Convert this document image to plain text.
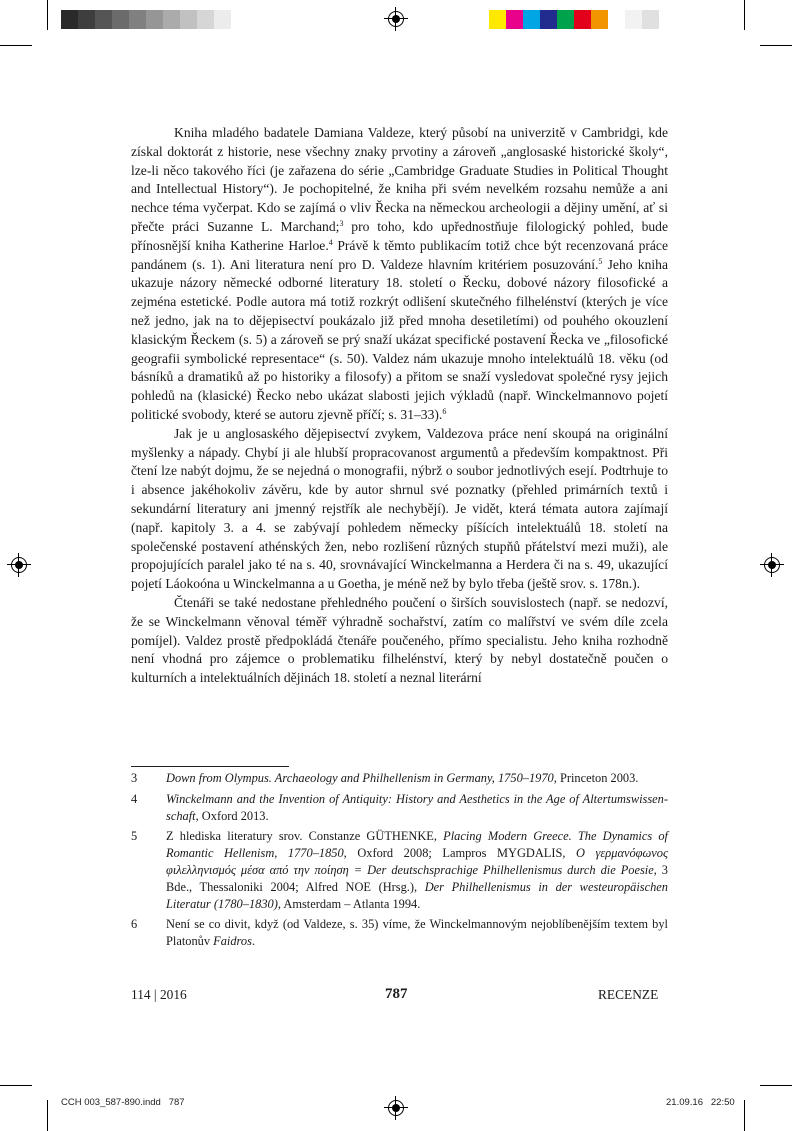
Kniha mladého badatele Damiana Valdeze, který působí na univerzitě v Cambridgi, kde získal doktorát z historie, nese všechny znaky prvotiny a zároveň „anglosaské historické školy“, lze-li něco takového říci (je zařazena do série „Cambridge Graduate Studies in Political Thought and Intellectual History“). Je pochopitelné, že kniha při svém nevelkém rozsahu nemůže a ani nechce téma vyčerpat. Kdo se zajímá o vliv Řecka na německou archeologii a dějiny umění, ať si přečte práci Suzanne L. Marchand;$^3$ pro toho, kdo upřednostňuje filologický pohled, bude přínosnější kniha Katherine Harloe.$^4$ Právě k těmto publikacím totiž chce být recenzovaná práce pandánem (s. 1). Ani literatura není pro D. Valdeze hlavním kritériem posuzování.$^5$ Jeho kniha ukazuje názory německé odborné literatury 18. století o Řecku, dobové názory filosofické a zejména estetické. Podle autora má totiž rozkrýt odlišení skutečného filhelénství (kterých je více než jedno, jak na to dějepisectví poukázalo již před mnoha desetiletími) od pouhého okouzlení klasickým Řeckem (s. 5) a zároveň se prý snaží ukázat specifické postavení Řecka ve „filosofické geografii symbolické representace“ (s. 50). Valdez nám ukazuje mnoho intelektuálů 18. věku (od básníků a dramatiků až po historiky a filosofy) a přitom se snaží vysledovat společné rysy jejich pohledů na (klasické) Řecko nebo ukázat slabosti jejich výkladů (např. Winckelmannovo pojetí politické svobody, které se autoru zjevně příčí; s. 31–33).$^6$

Jak je u anglosaského dějepisectví zvykem, Valdezova práce není skoupá na originální myšlenky a nápady. Chybí ji ale hlubší propracovanost argumentů a především kompaktnost. Při čtení lze nabýt dojmu, že se nejedná o monografii, nýbrž o soubor jednotlivých esejí. Podtrhuje to i absence jakéhokoliv závěru, kde by autor shrnul své poznatky (přehled primárních textů i sekundární literatury ani jmenný rejstřík ale nechybějí). Je vidět, která témata autora zajímají (např. kapitoly 3. a 4. se zabývají pohledem německy píšících intelektuálů 18. století na společenské postavení athénských žen, nebo rozlišení různých stupňů přátelství mezi muži), ale propojujících paralel jako té na s. 40, srovnávající Winckelmanna a Herdera či na s. 49, ukazující pojetí Láokoóna u Winckelmanna a u Goetha, je méně než by bylo třeba (ještě srov. s. 178n.).

Čtenáři se také nedostane přehledného poučení o širších souvislostech (např. se nedozví, že se Winckelmann věnoval téměř výhradně sochařství, zatím co malířství ve svém díle zcela pomíjel). Valdez prostě předpokládá čtenáře poučeného, přímo specialistu. Jeho kniha rozhodně není vhodná pro zájemce o problematiku filhelénství, který by nebyl dostatečně poučen o kulturních a intelektuálních dějinách 18. století a neznal literární

3	Down from Olympus. Archaeology and Philhellenism in Germany, 1750–1970, Princeton 2003.
4	Winckelmann and the Invention of Antiquity: History and Aesthetics in the Age of Altertumswissen-schaft, Oxford 2013.
5	Z hlediska literatury srov. Constanze GÜTHENKE, Placing Modern Greece. The Dynamics of Romantic Hellenism, 1770–1850, Oxford 2008; Lampros MYGDALIS, Ο γερμανόφωνος φιλελληνισμός μέσα από την ποίηση = Der deutschsprachige Philhellenismus durch die Poesie, 3 Bde., Thessaloniki 2004; Alfred NOE (Hrsg.), Der Philhellenismus in der westeuropäischen Literatur (1780–1830), Amsterdam – Atlanta 1994.
6	Není se co divit, když (od Valdeze, s. 35) víme, že Winckelmannovým nejoblíbenějším textem byl Platonův Faidros.
114 | 2016	787	RECENZE
CCH 003_587-890.indd   787	21.09.16   22:50
